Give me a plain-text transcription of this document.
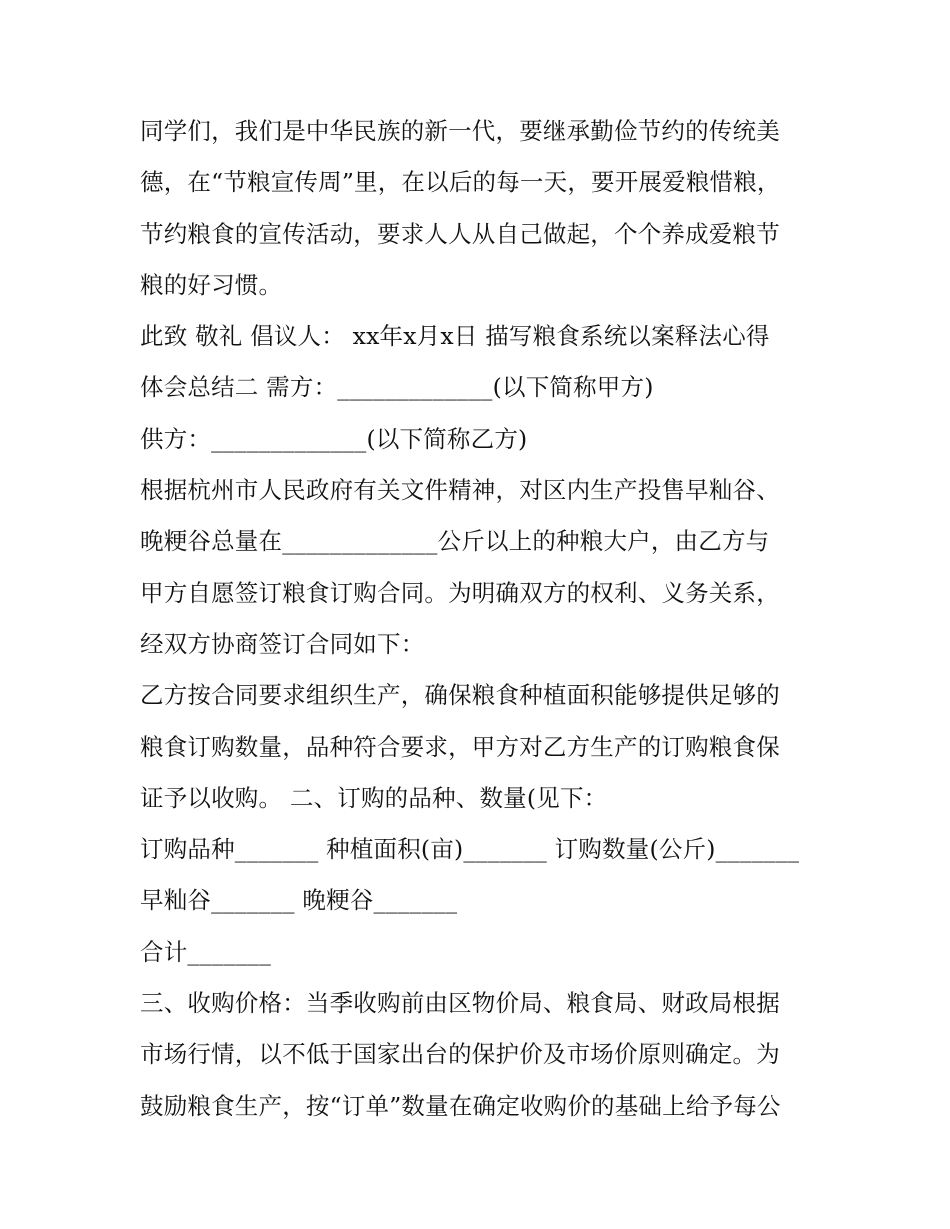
同学们，我们是中华民族的新一代，要继承勤俭节约的传统美
德，在“节粮宣传周”里，在以后的每一天，要开展爱粮惜粮，
节约粮食的宣传活动，要求人人从自己做起，个个养成爱粮节
粮的好习惯。
此致 敬礼 倡议人： xx年x月x日 描写粮食系统以案释法心得
体会总结二 需方：_____________(以下简称甲方)
供方：_____________(以下简称乙方)
根据杭州市人民政府有关文件精神，对区内生产投售早籼谷、
晚粳谷总量在_____________公斤以上的种粮大户，由乙方与
甲方自愿签订粮食订购合同。为明确双方的权利、义务关系，
经双方协商签订合同如下：
乙方按合同要求组织生产，确保粮食种植面积能够提供足够的
粮食订购数量，品种符合要求，甲方对乙方生产的订购粮食保
证予以收购。 二、订购的品种、数量(见下：
订购品种_______ 种植面积(亩)_______ 订购数量(公斤)_______
早籼谷_______ 晚粳谷_______
合计_______
三、收购价格：当季收购前由区物价局、粮食局、财政局根据
市场行情，以不低于国家出台的保护价及市场价原则确定。为
鼓励粮食生产，按“订单”数量在确定收购价的基础上给予每公
